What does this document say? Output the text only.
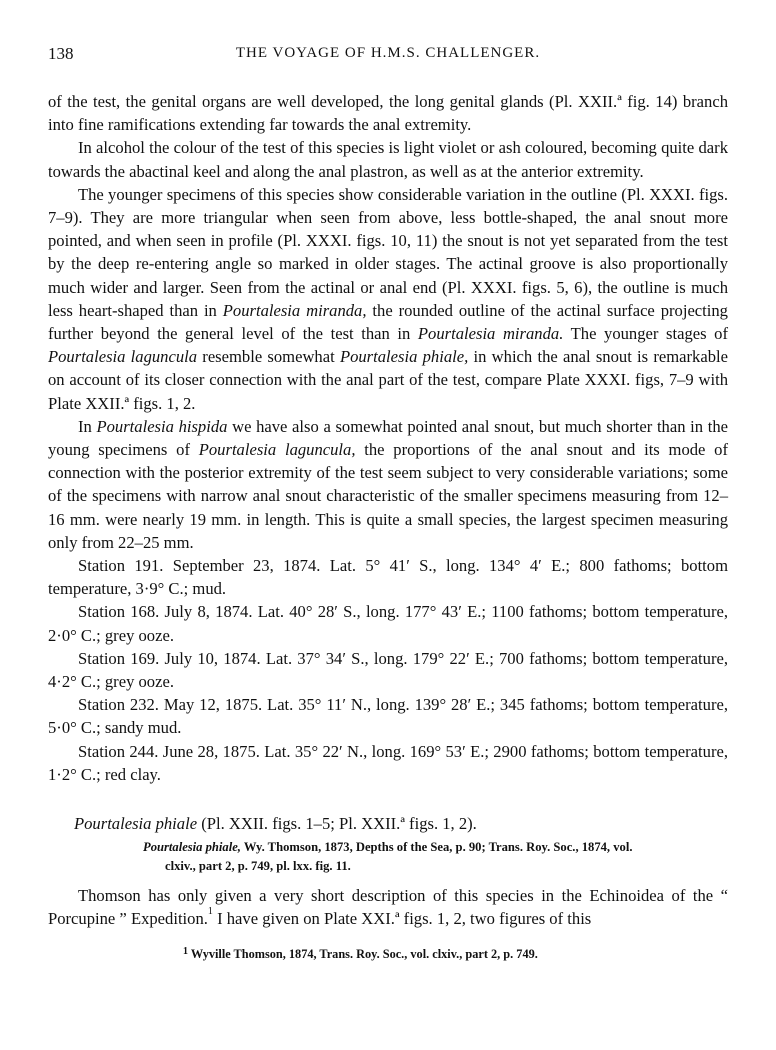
138	THE VOYAGE OF H.M.S. CHALLENGER.

of the test, the genital organs are well developed, the long genital glands (Pl. XXII.ª fig. 14) branch into fine ramifications extending far towards the anal extremity.

In alcohol the colour of the test of this species is light violet or ash coloured, becoming quite dark towards the abactinal keel and along the anal plastron, as well as at the anterior extremity.

The younger specimens of this species show considerable variation in the outline (Pl. XXXI. figs. 7–9). They are more triangular when seen from above, less bottle-shaped, the anal snout more pointed, and when seen in profile (Pl. XXXI. figs. 10, 11) the snout is not yet separated from the test by the deep re-entering angle so marked in older stages. The actinal groove is also proportionally much wider and larger. Seen from the actinal or anal end (Pl. XXXI. figs. 5, 6), the outline is much less heart-shaped than in Pourtalesia miranda, the rounded outline of the actinal surface projecting further beyond the general level of the test than in Pourtalesia miranda. The younger stages of Pourtalesia laguncula resemble somewhat Pourtalesia phiale, in which the anal snout is remarkable on account of its closer connection with the anal part of the test, compare Plate XXXI. figs, 7–9 with Plate XXII.ª figs. 1, 2.

In Pourtalesia hispida we have also a somewhat pointed anal snout, but much shorter than in the young specimens of Pourtalesia laguncula, the proportions of the anal snout and its mode of connection with the posterior extremity of the test seem subject to very considerable variations; some of the specimens with narrow anal snout characteristic of the smaller specimens measuring from 12–16 mm. were nearly 19 mm. in length. This is quite a small species, the largest specimen measuring only from 22–25 mm.

Station 191. September 23, 1874. Lat. 5° 41′ S., long. 134° 4′ E.; 800 fathoms; bottom temperature, 3·9° C.; mud.

Station 168. July 8, 1874. Lat. 40° 28′ S., long. 177° 43′ E.; 1100 fathoms; bottom temperature, 2·0° C.; grey ooze.

Station 169. July 10, 1874. Lat. 37° 34′ S., long. 179° 22′ E.; 700 fathoms; bottom temperature, 4·2° C.; grey ooze.

Station 232. May 12, 1875. Lat. 35° 11′ N., long. 139° 28′ E.; 345 fathoms; bottom temperature, 5·0° C.; sandy mud.

Station 244. June 28, 1875. Lat. 35° 22′ N., long. 169° 53′ E.; 2900 fathoms; bottom temperature, 1·2° C.; red clay.

Pourtalesia phiale (Pl. XXII. figs. 1–5; Pl. XXII.ª figs. 1, 2).
Pourtalesia phiale, Wy. Thomson, 1873, Depths of the Sea, p. 90; Trans. Roy. Soc., 1874, vol.
clxiv., part 2, p. 749, pl. lxx. fig. 11.

Thomson has only given a very short description of this species in the Echinoidea of the “ Porcupine ” Expedition.$^1$ I have given on Plate XXI.ª figs. 1, 2, two figures of this

$^1$ Wyville Thomson, 1874, Trans. Roy. Soc., vol. clxiv., part 2, p. 749.
